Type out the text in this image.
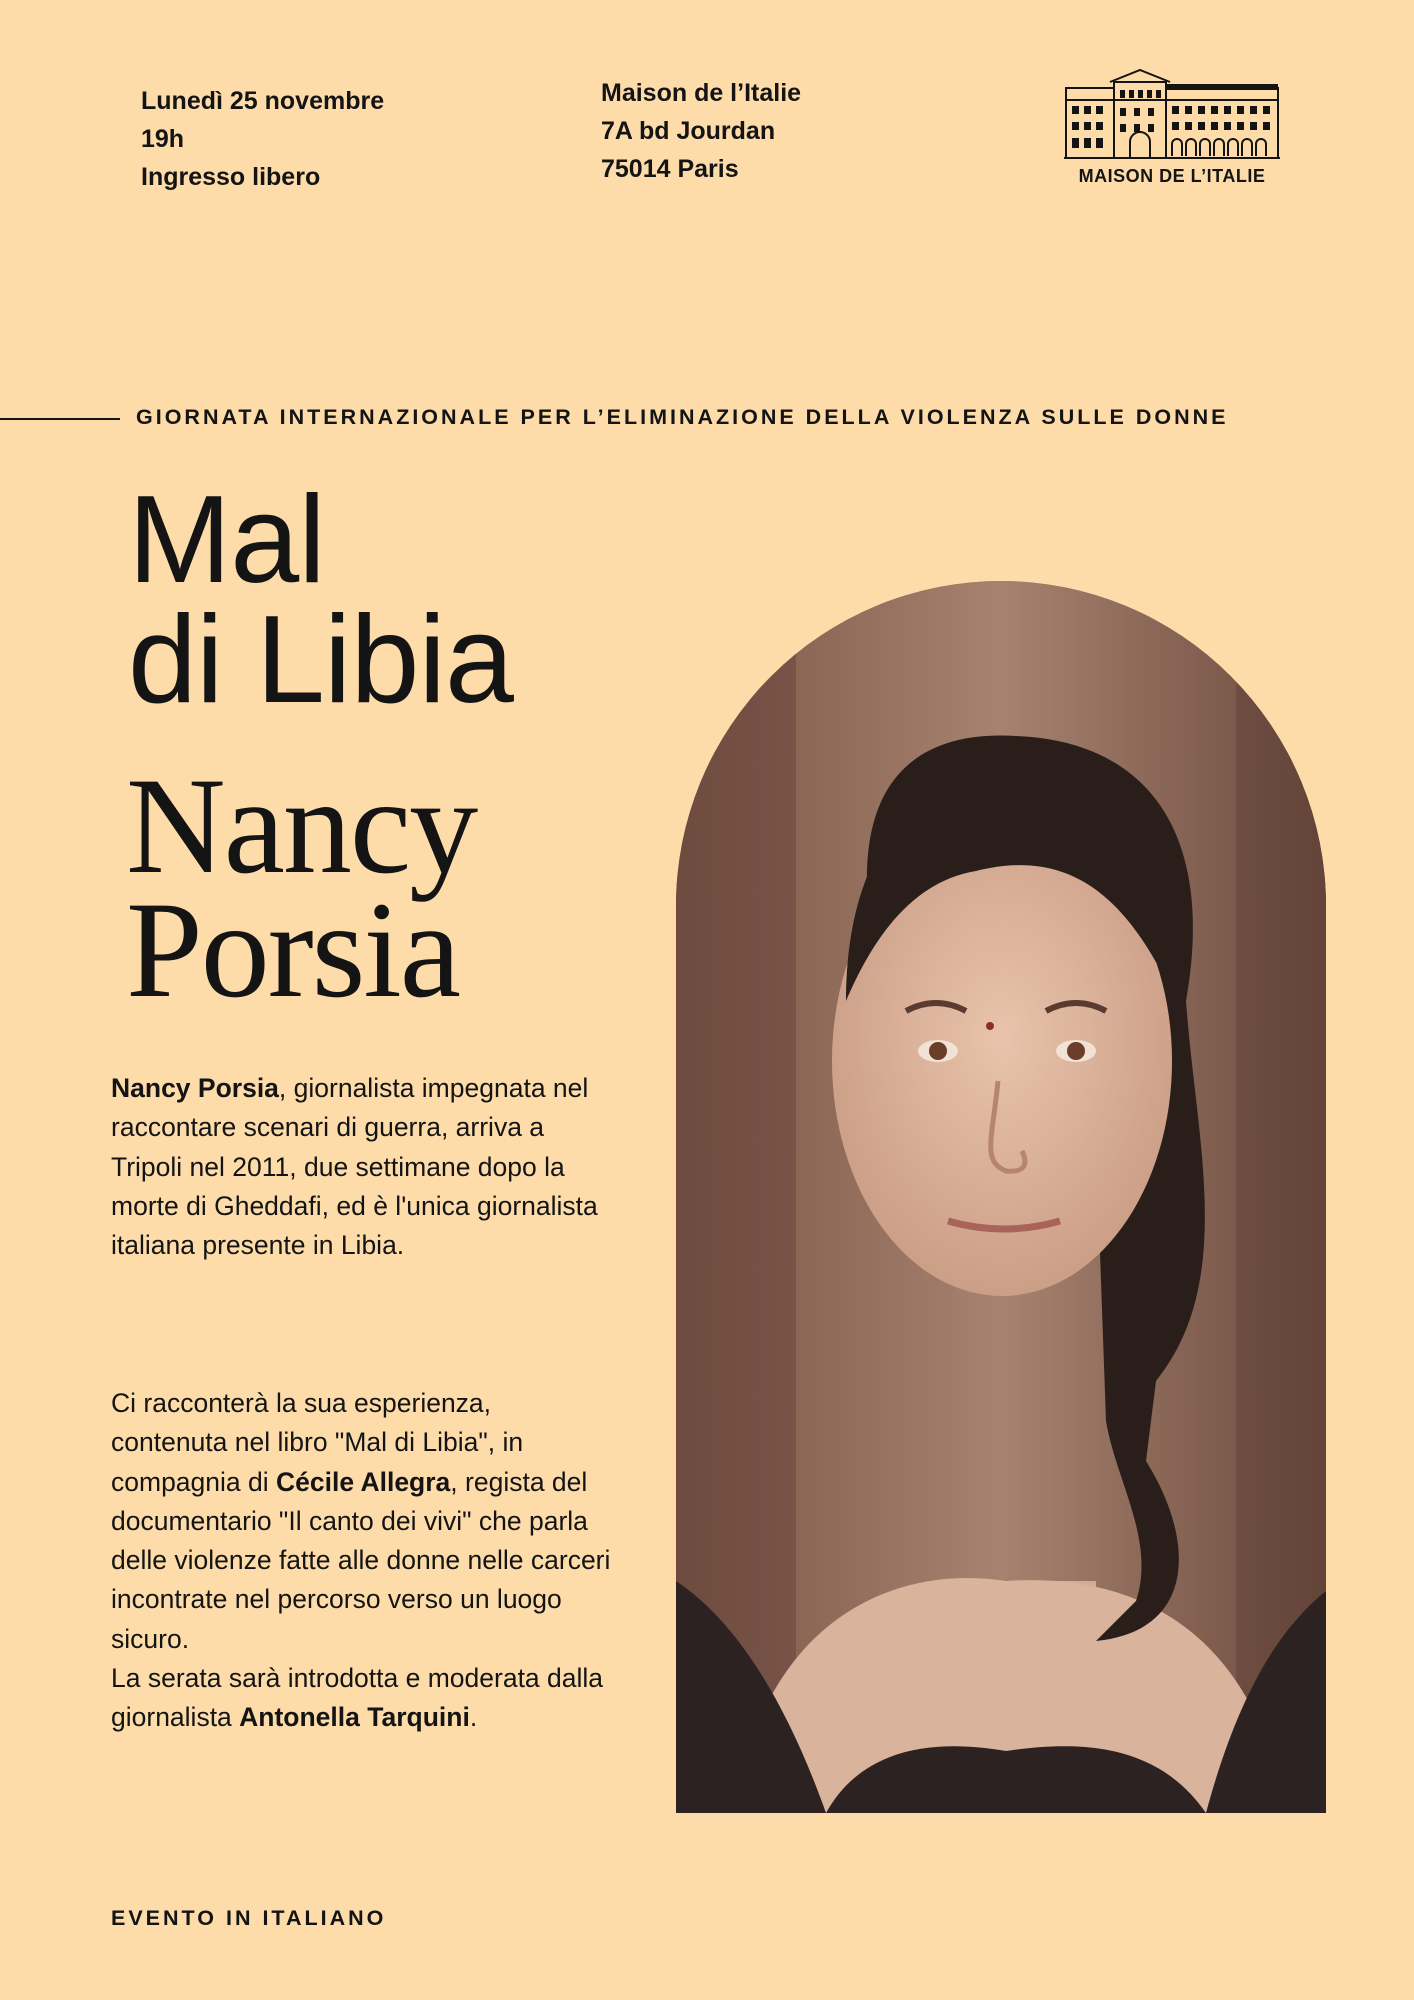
Lunedì 25 novembre
19h
Ingresso libero
Maison de l’Italie
7A bd Jourdan
75014 Paris	MAISON DE L’ITALIE

GIORNATA INTERNAZIONALE PER L’ELIMINAZIONE DELLA VIOLENZA SULLE DONNE

Mal
di Libia
Nancy
Porsia

Nancy Porsia, giornalista impegnata nel raccontare scenari di guerra, arriva a Tripoli nel 2011, due settimane dopo la morte di Gheddafi, ed è l'unica giornalista italiana presente in Libia.

Ci racconterà la sua esperienza, contenuta nel libro "Mal di Libia", in compagnia di Cécile Allegra, regista del documentario "Il canto dei vivi" che parla delle violenze fatte alle donne nelle carceri incontrate nel percorso verso un luogo sicuro.
La serata sarà introdotta e moderata dalla giornalista Antonella Tarquini.

EVENTO IN ITALIANO
